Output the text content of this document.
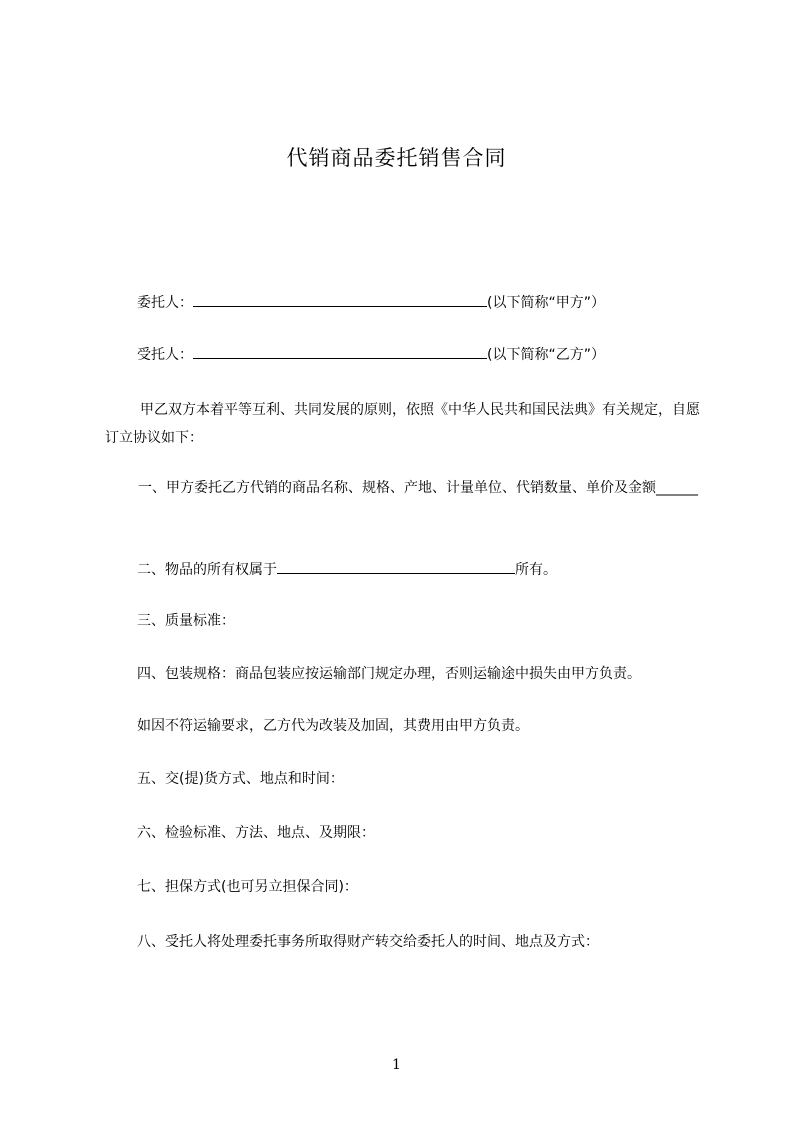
代销商品委托销售合同
委托人：	(以下简称“甲方”）
受托人：	(以下简称“乙方”）
甲乙双方本着平等互利、共同发展的原则，依照《中华人民共和国民法典》有关规定，自愿订立协议如下：
一、甲方委托乙方代销的商品名称、规格、产地、计量单位、代销数量、单价及金额______
二、物品的所有权属于	所有。
三、质量标准：
四、包装规格：商品包装应按运输部门规定办理，否则运输途中损失由甲方负责。
如因不符运输要求，乙方代为改装及加固，其费用由甲方负责。
五、交(提)货方式、地点和时间：
六、检验标准、方法、地点、及期限：
七、担保方式(也可另立担保合同)：
八、受托人将处理委托事务所取得财产转交给委托人的时间、地点及方式：
1
